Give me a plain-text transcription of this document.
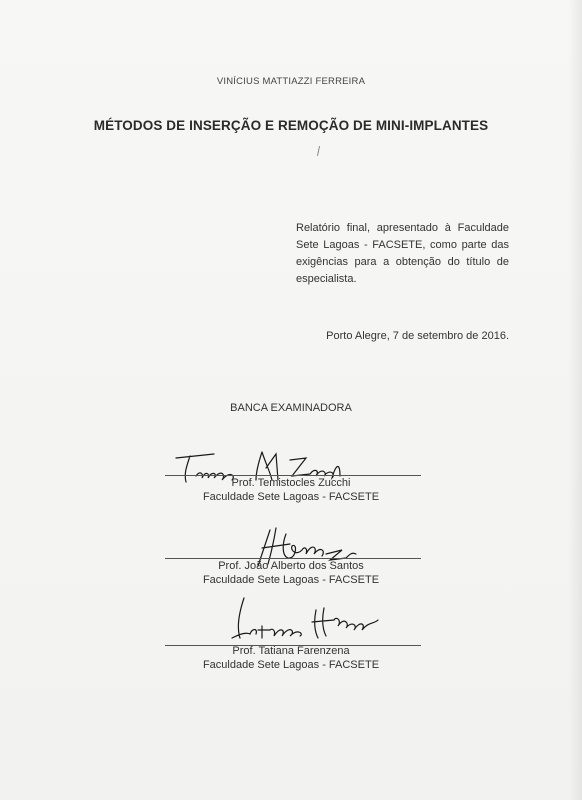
VINÍCIUS MATTIAZZI FERREIRA
MÉTODOS DE INSERÇÃO E REMOÇÃO DE MINI-IMPLANTES
Relatório final, apresentado à Faculdade Sete Lagoas - FACSETE, como parte das exigências para a obtenção do título de especialista.
Porto Alegre, 7 de setembro de 2016.
BANCA EXAMINADORA
Prof. Temistocles Zucchi
Faculdade Sete Lagoas - FACSETE
Prof. João Alberto dos Santos
Faculdade Sete Lagoas - FACSETE
Prof. Tatiana Farenzena
Faculdade Sete Lagoas - FACSETE
